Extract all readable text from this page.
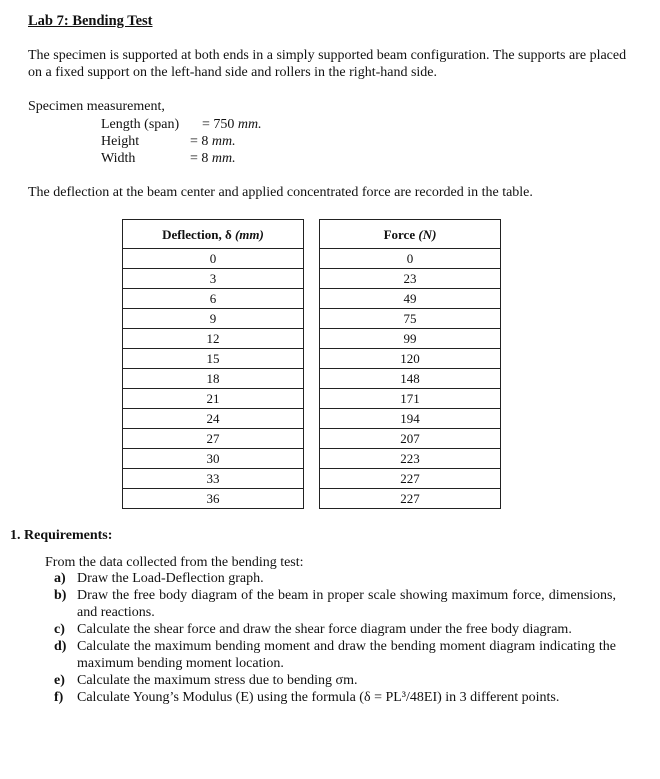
Lab 7: Bending Test
The specimen is supported at both ends in a simply supported beam configuration. The supports are placed on a fixed support on the left-hand side and rollers in the right-hand side.
Specimen measurement,
Length (span) = 750 mm.
Height	= 8 mm.
Width	= 8 mm.
The deflection at the beam center and applied concentrated force are recorded in the table.
Deflection, δ (mm)		Force (N)
0		0
3		23
6		49
9		75
12		99
15		120
18		148
21		171
24		194
27		207
30		223
33		227
36		227
1. Requirements:
From the data collected from the bending test:
a) Draw the Load-Deflection graph.
b) Draw the free body diagram of the beam in proper scale showing maximum force, dimensions, and reactions.
c) Calculate the shear force and draw the shear force diagram under the free body diagram.
d) Calculate the maximum bending moment and draw the bending moment diagram indicating the maximum bending moment location.
e) Calculate the maximum stress due to bending σm.
f) Calculate Young’s Modulus (E) using the formula (δ = PL³/48EI) in 3 different points.
